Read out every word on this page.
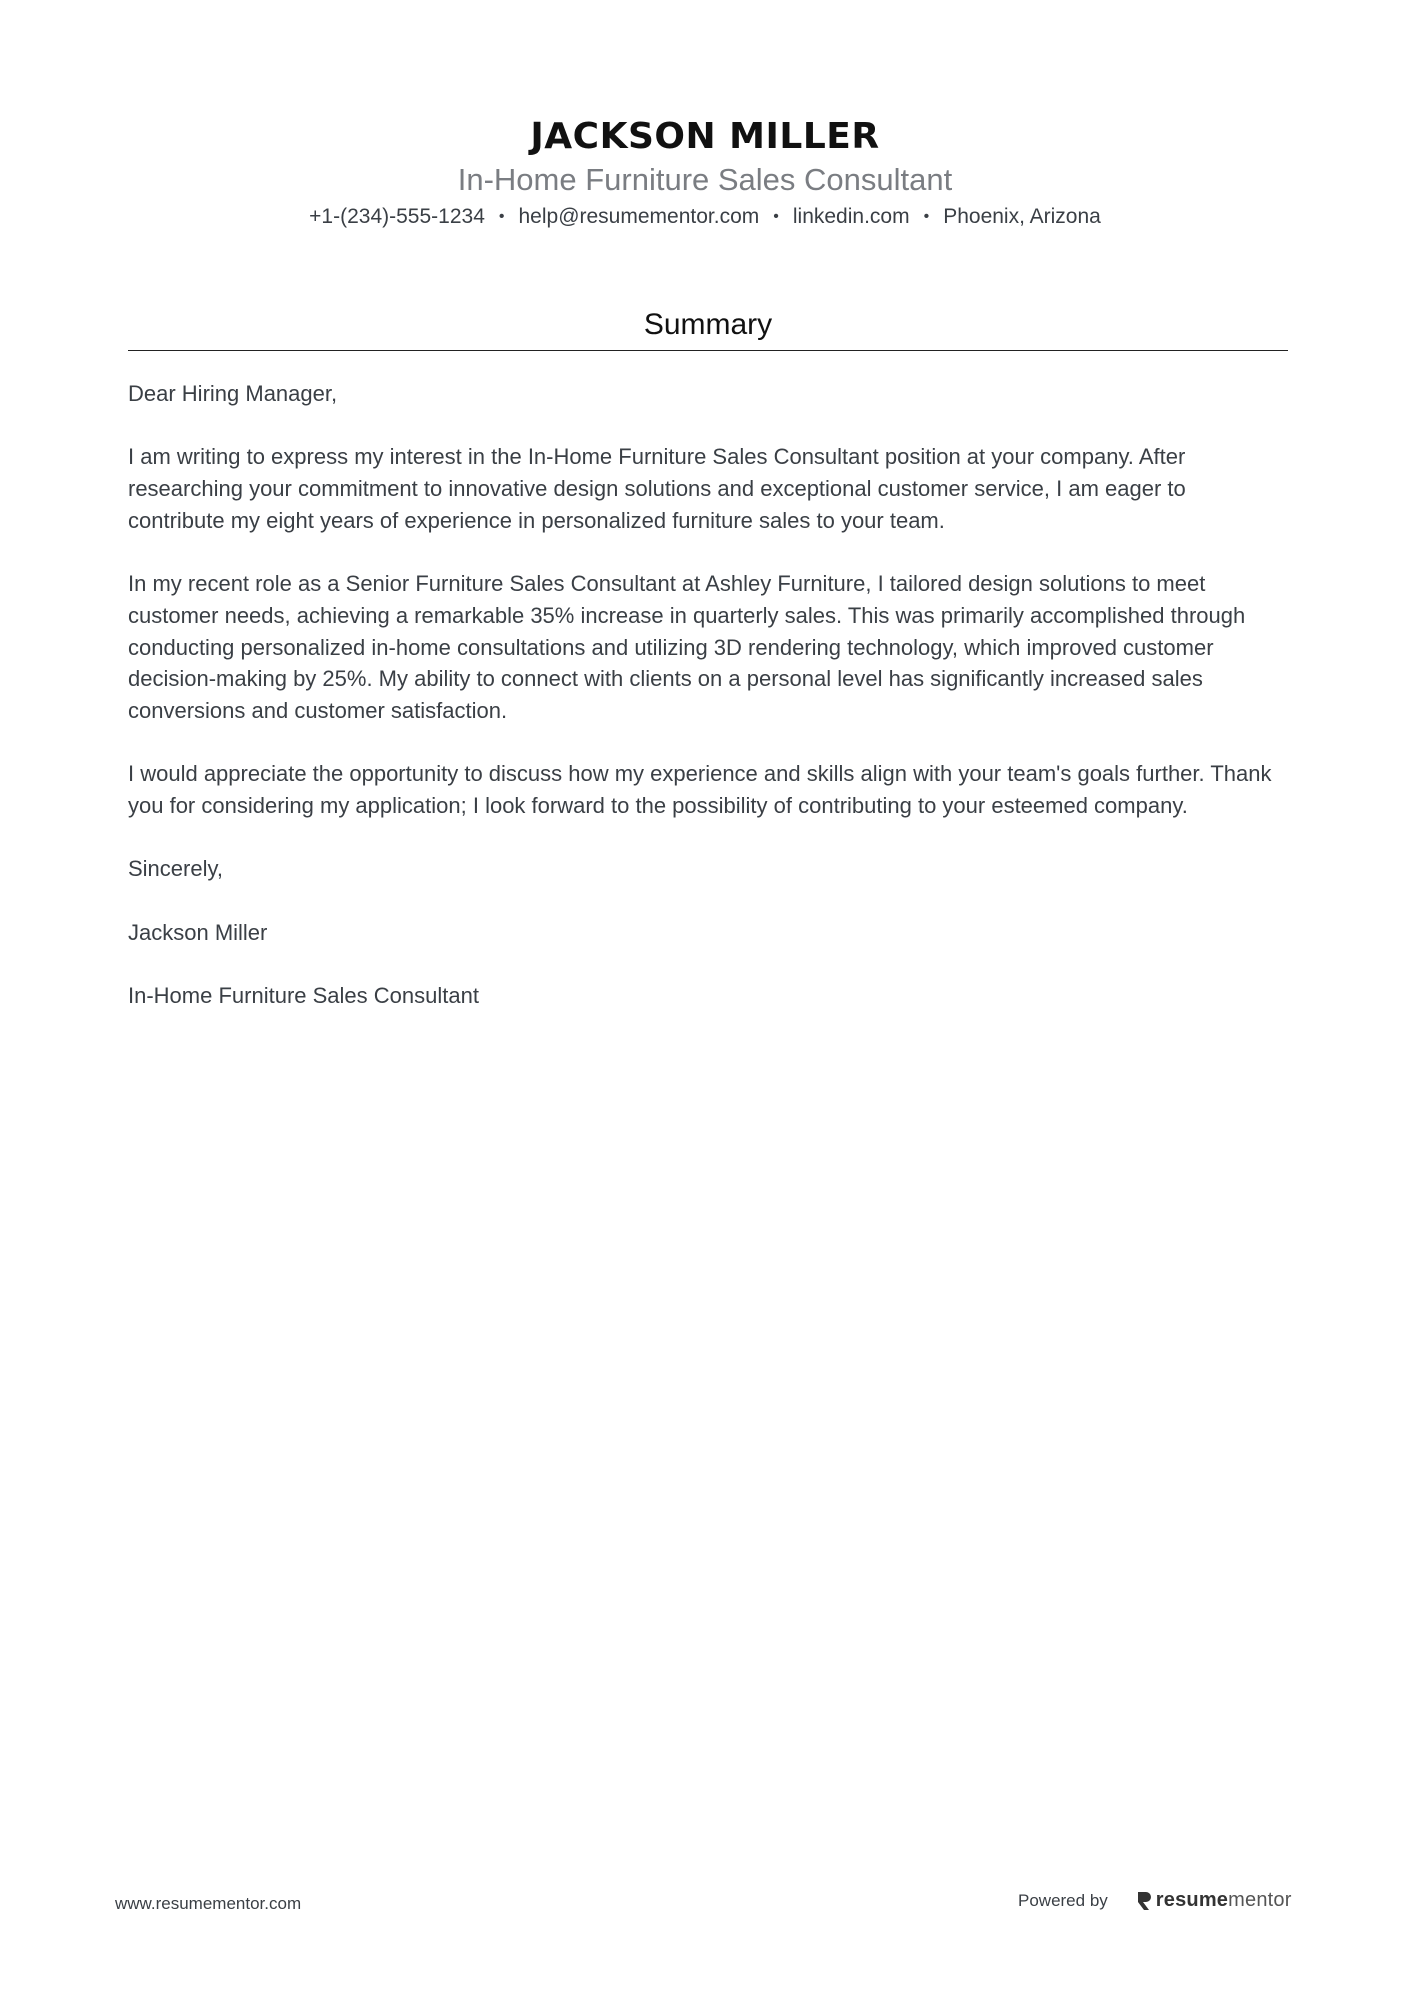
JACKSON MILLER
In-Home Furniture Sales Consultant
+1-(234)-555-1234 • help@resumementor.com • linkedin.com • Phoenix, Arizona
Summary

Dear Hiring Manager,

I am writing to express my interest in the In-Home Furniture Sales Consultant position at your company. After researching your commitment to innovative design solutions and exceptional customer service, I am eager to contribute my eight years of experience in personalized furniture sales to your team.

In my recent role as a Senior Furniture Sales Consultant at Ashley Furniture, I tailored design solutions to meet customer needs, achieving a remarkable 35% increase in quarterly sales. This was primarily accomplished through conducting personalized in-home consultations and utilizing 3D rendering technology, which improved customer decision-making by 25%. My ability to connect with clients on a personal level has significantly increased sales conversions and customer satisfaction.

I would appreciate the opportunity to discuss how my experience and skills align with your team's goals further. Thank you for considering my application; I look forward to the possibility of contributing to your esteemed company.

Sincerely,

Jackson Miller

In-Home Furniture Sales Consultant

www.resumementor.com	Powered by resume mentor
